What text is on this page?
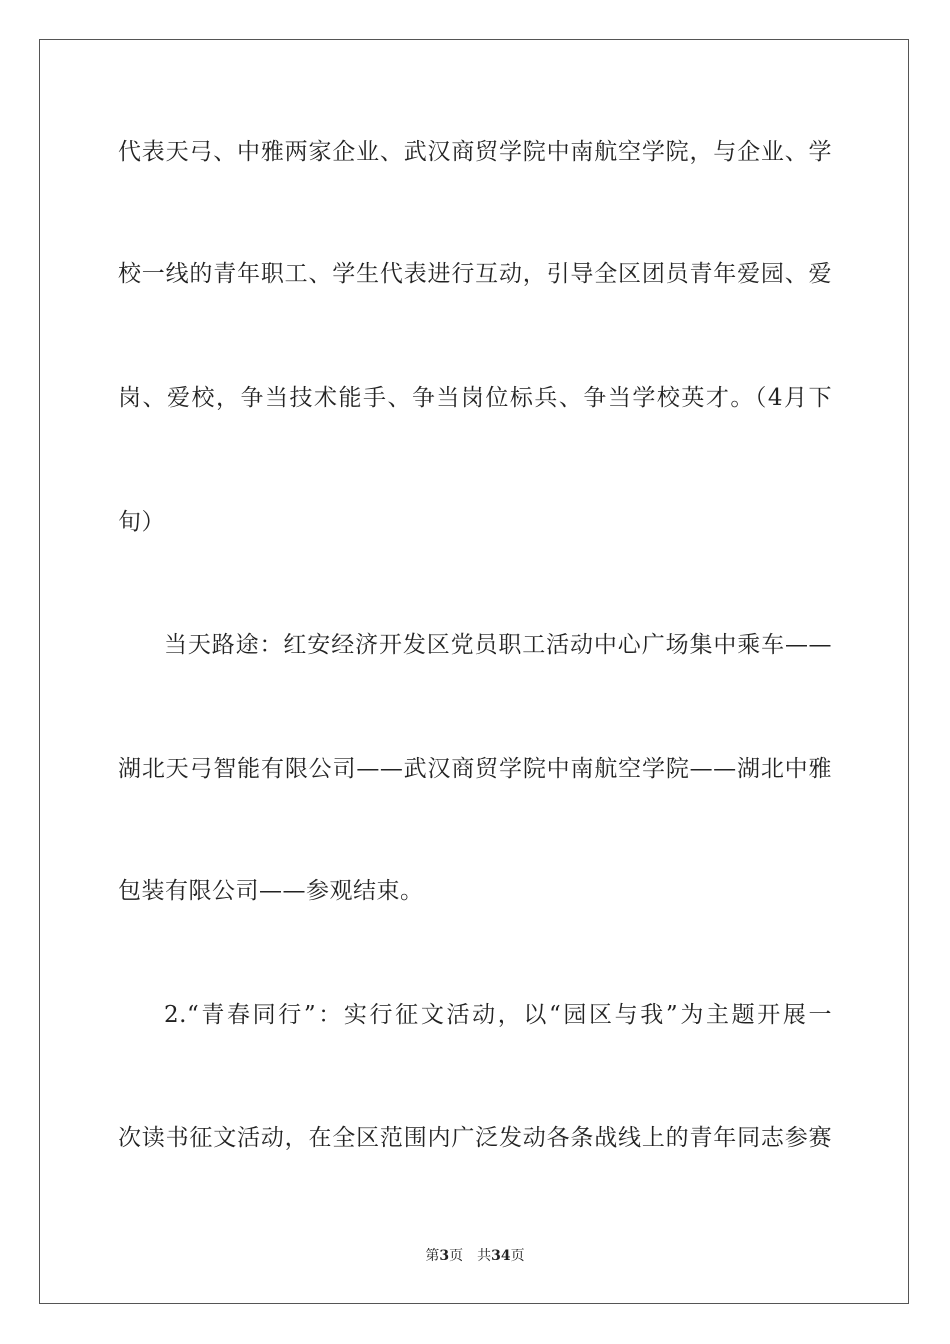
代表天弓、中雅两家企业、武汉商贸学院中南航空学院，与企业、学
校一线的青年职工、学生代表进行互动，引导全区团员青年爱园、爱
岗、爱校，争当技术能手、争当岗位标兵、争当学校英才。（4月下
旬）
当天路途：红安经济开发区党员职工活动中心广场集中乘车——
湖北天弓智能有限公司——武汉商贸学院中南航空学院——湖北中雅
包装有限公司——参观结束。
2.“青春同行”：实行征文活动，以“园区与我”为主题开展一
次读书征文活动，在全区范围内广泛发动各条战线上的青年同志参赛
第3页 共34页
